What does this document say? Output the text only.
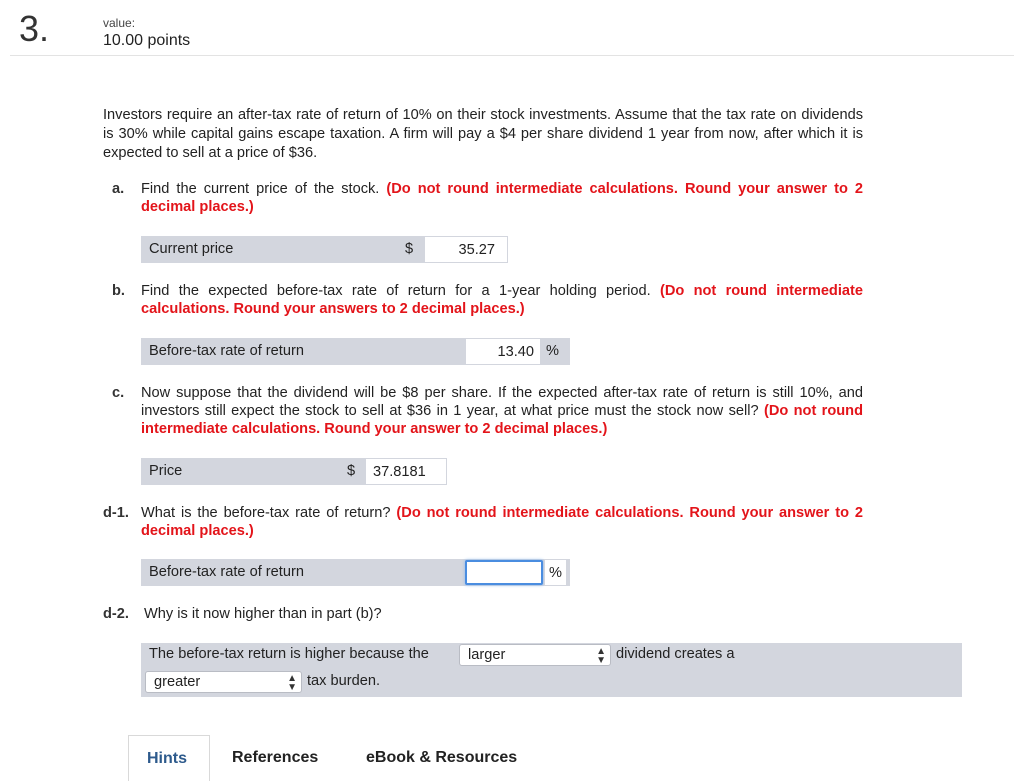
3.	value:
10.00 points
Investors require an after-tax rate of return of 10% on their stock investments. Assume that the tax rate on dividends is 30% while capital gains escape taxation. A firm will pay a $4 per share dividend 1 year from now, after which it is expected to sell at a price of $36.
a. Find the current price of the stock. (Do not round intermediate calculations. Round your answer to 2 decimal places.)
Current price	$	35.27
b. Find the expected before-tax rate of return for a 1-year holding period. (Do not round intermediate calculations. Round your answers to 2 decimal places.)
Before-tax rate of return	13.40 %
c. Now suppose that the dividend will be $8 per share. If the expected after-tax rate of return is still 10%, and investors still expect the stock to sell at $36 in 1 year, at what price must the stock now sell? (Do not round intermediate calculations. Round your answer to 2 decimal places.)
Price	$ 37.8181
d-1. What is the before-tax rate of return? (Do not round intermediate calculations. Round your answer to 2 decimal places.)
Before-tax rate of return	%
d-2. Why is it now higher than in part (b)?
The before-tax return is higher because the	larger	▲
▼ dividend creates a
greater	▲
▼ tax burden.
Hints	References	eBook & Resources
